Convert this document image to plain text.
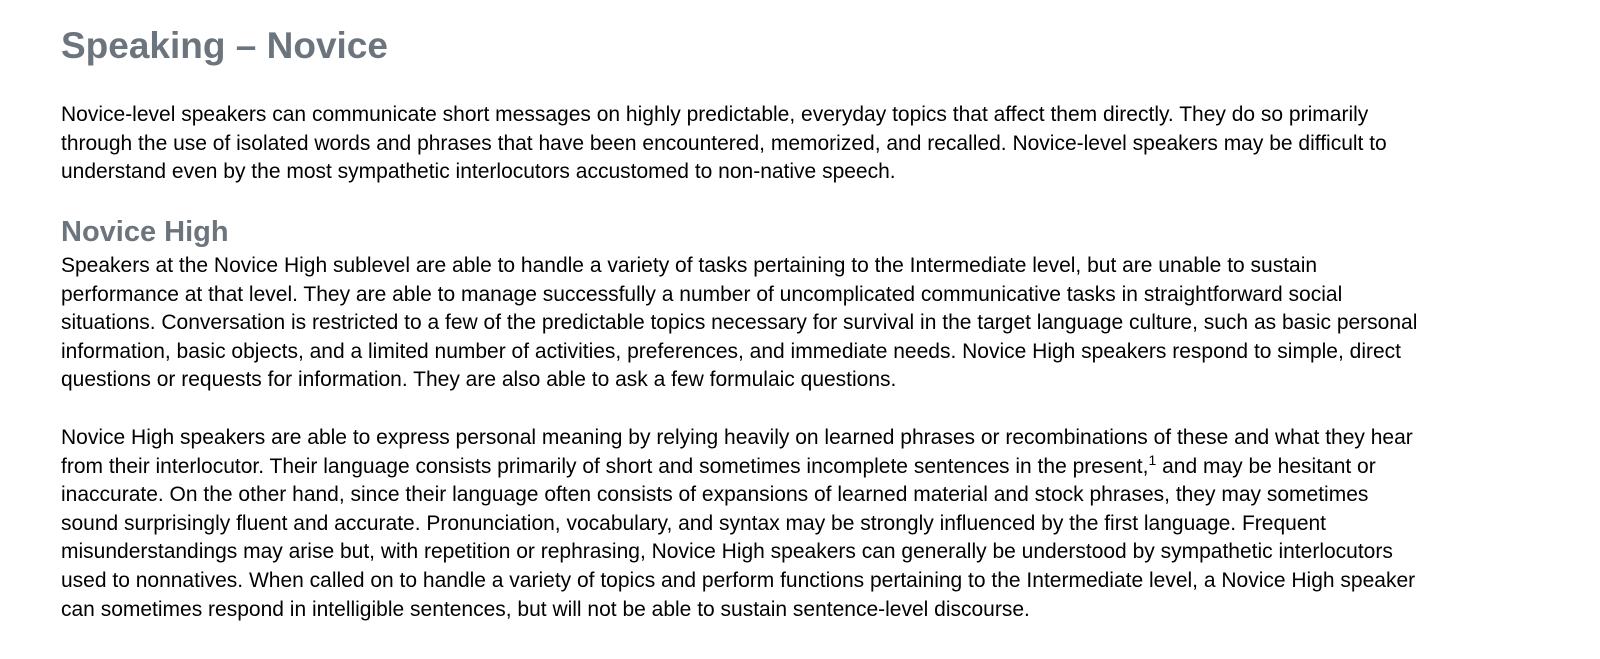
Speaking – Novice

Novice-level speakers can communicate short messages on highly predictable, everyday topics that affect them directly. They do so primarily
through the use of isolated words and phrases that have been encountered, memorized, and recalled. Novice-level speakers may be difficult to
understand even by the most sympathetic interlocutors accustomed to non-native speech.

Novice High

Speakers at the Novice High sublevel are able to handle a variety of tasks pertaining to the Intermediate level, but are unable to sustain
performance at that level. They are able to manage successfully a number of uncomplicated communicative tasks in straightforward social
situations. Conversation is restricted to a few of the predictable topics necessary for survival in the target language culture, such as basic personal
information, basic objects, and a limited number of activities, preferences, and immediate needs. Novice High speakers respond to simple, direct
questions or requests for information. They are also able to ask a few formulaic questions.

Novice High speakers are able to express personal meaning by relying heavily on learned phrases or recombinations of these and what they hear
from their interlocutor. Their language consists primarily of short and sometimes incomplete sentences in the present,$^1$ and may be hesitant or
inaccurate. On the other hand, since their language often consists of expansions of learned material and stock phrases, they may sometimes
sound surprisingly fluent and accurate. Pronunciation, vocabulary, and syntax may be strongly influenced by the first language. Frequent
misunderstandings may arise but, with repetition or rephrasing, Novice High speakers can generally be understood by sympathetic interlocutors
used to nonnatives. When called on to handle a variety of topics and perform functions pertaining to the Intermediate level, a Novice High speaker
can sometimes respond in intelligible sentences, but will not be able to sustain sentence-level discourse.
